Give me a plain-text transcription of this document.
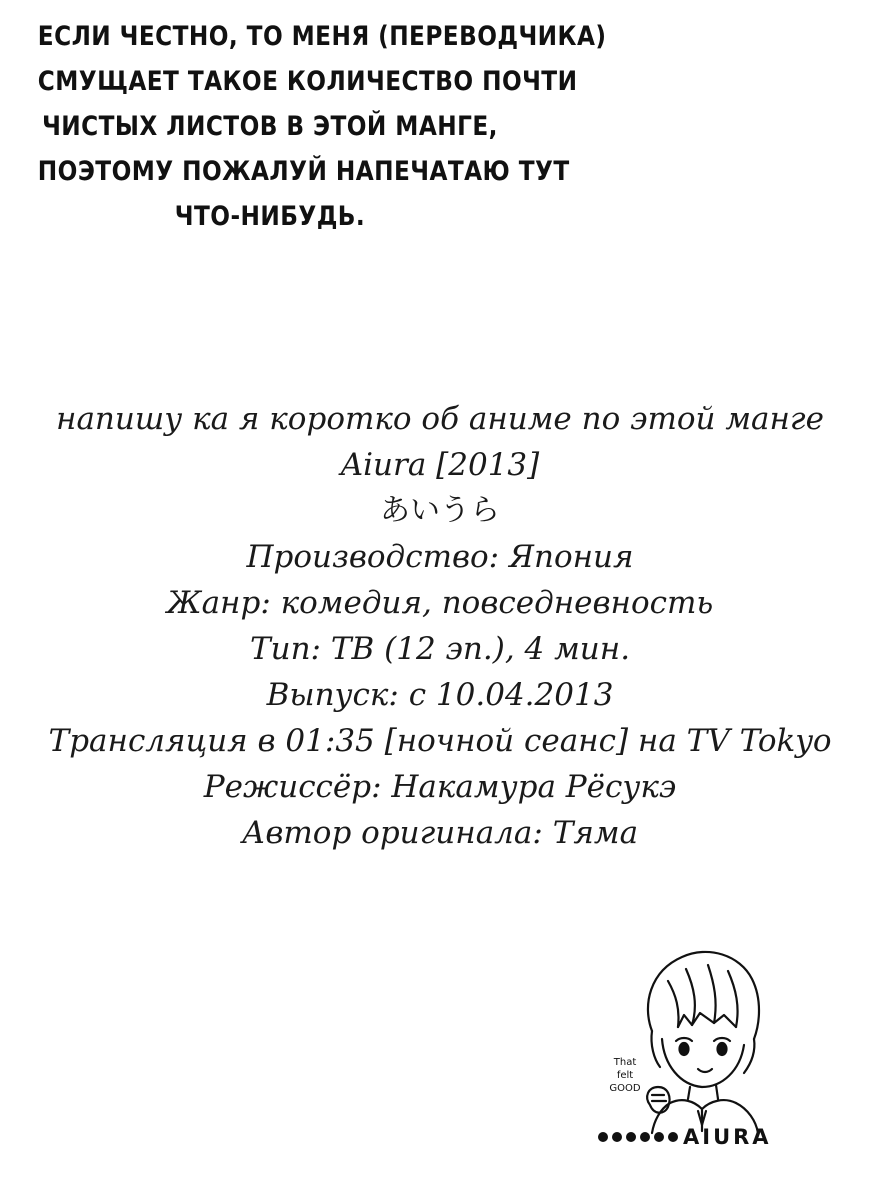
ЕСЛИ ЧЕСТНО, ТО МЕНЯ (ПЕРЕВОДЧИКА)
СМУЩАЕТ ТАКОЕ КОЛИЧЕСТВО ПОЧТИ
ЧИСТЫХ ЛИСТОВ В ЭТОЙ МАНГЕ,
ПОЭТОМУ ПОЖАЛУЙ НАПЕЧАТАЮ ТУТ
ЧТО-НИБУДЬ.
напишу ка я коротко об аниме по этой манге
Aiura [2013]
あいうら
Производство: Япония
Жанр: комедия, повседневность
Тип: ТВ (12 эп.), 4 мин.
Выпуск: с 10.04.2013
Трансляция в 01:35 [ночной сеанс] на TV Tokyo
Режиссёр: Накамура Рёсукэ
Автор оригинала: Тяма
That
felt
GOOD
AIURA
